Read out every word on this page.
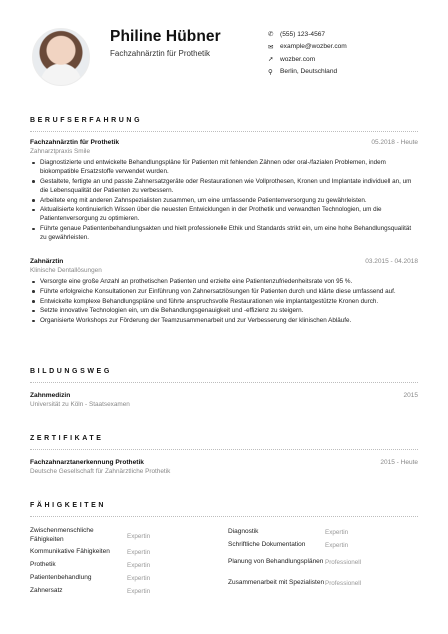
Philine Hübner
Fachzahnärztin für Prothetik
✆ (555) 123-4567
✉ example@wozber.com
➚ wozber.com
⚲	Berlin, Deutschland
BERUFSERFAHRUNG
Fachzahnärztin für Prothetik	05.2018 - Heute
Zahnarztpraxis Smile
Diagnostizierte und entwickelte Behandlungspläne für Patienten mit fehlenden Zähnen oder oral-/fazialen Problemen, indem biokompatible Ersatzstoffe verwendet wurden.
Gestaltete, fertigte an und passte Zahnersatzgeräte oder Restaurationen wie Vollprothesen, Kronen und Implantate individuell an, um die Lebensqualität der Patienten zu verbessern.
Arbeitete eng mit anderen Zahnspezialisten zusammen, um eine umfassende Patientenversorgung zu gewährleisten.
Aktualisierte kontinuierlich Wissen über die neuesten Entwicklungen in der Prothetik und verwandten Technologien, um die Patientenversorgung zu optimieren.
Führte genaue Patientenbehandlungsakten und hielt professionelle Ethik und Standards strikt ein, um eine hohe Behandlungsqualität zu gewährleisten.
Zahnärztin	03.2015 - 04.2018
Klinische Dentallösungen
Versorgte eine große Anzahl an prothetischen Patienten und erzielte eine Patientenzufriedenheitsrate von 95 %.
Führte erfolgreiche Konsultationen zur Einführung von Zahnersatzlösungen für Patienten durch und klärte diese umfassend auf.
Entwickelte komplexe Behandlungspläne und führte anspruchsvolle Restaurationen wie implantatgestützte Kronen durch.
Setzte innovative Technologien ein, um die Behandlungsgenauigkeit und -effizienz zu steigern.
Organisierte Workshops zur Förderung der Teamzusammenarbeit und zur Verbesserung der klinischen Abläufe.
BILDUNGSWEG
Zahnmedizin	2015
Universität zu Köln - Staatsexamen
ZERTIFIKATE
Fachzahnarztanerkennung Prothetik	2015 - Heute
Deutsche Gesellschaft für Zahnärztliche Prothetik
FÄHIGKEITEN
Zwischenmenschliche Fähigkeiten	Expertin
Kommunikative Fähigkeiten	Expertin
Prothetik	Expertin
Patientenbehandlung	Expertin
Zahnersatz	Expertin
Diagnostik	Expertin
Schriftliche Dokumentation	Expertin
Planung von Behandlungsplänen Professionell
Zusammenarbeit mit Spezialisten Professionell
